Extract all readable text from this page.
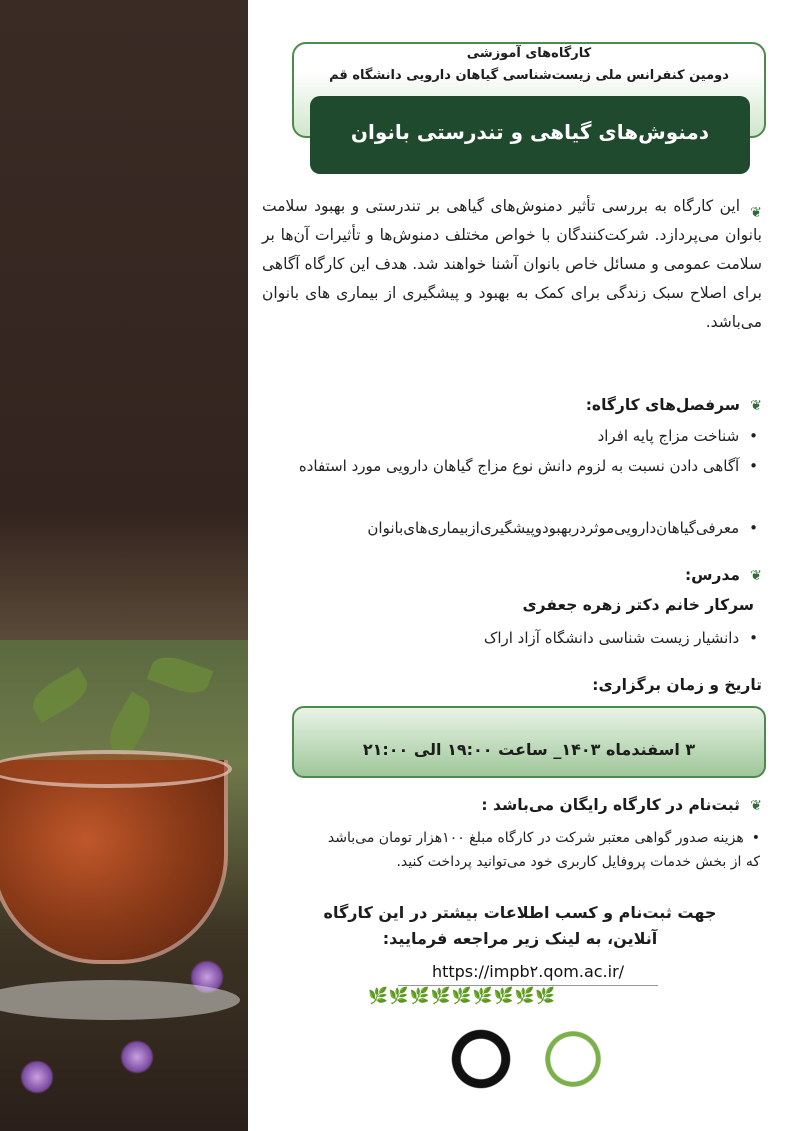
کارگاه‌های آموزشی
دومین کنفرانس ملی زیست‌شناسی گیاهان دارویی دانشگاه قم
دمنوش‌های گیاهی و تندرستی بانوان
❦این کارگاه به بررسی تأثیر دمنوش‌های گیاهی بر تندرستی و بهبود سلامت بانوان می‌پردازد. شرکت‌کنندگان با خواص مختلف دمنوش‌ها و تأثیرات آن‌ها بر سلامت عمومی و مسائل خاص بانوان آشنا خواهند شد. هدف این کارگاه آگاهی برای اصلاح سبک زندگی برای کمک به بهبود و پیشگیری از بیماری های بانوان می‌باشد.
❦سرفصل‌های کارگاه:
• شناخت مزاج پایه افراد
• آگاهی دادن نسبت به لزوم دانش نوع مزاج گیاهان دارویی مورد استفاده
• معرفی‌گیاهان‌دارویی‌موثردربهبودوپیشگیری‌ازبیماری‌های‌بانوان
❦مدرس:
سرکار خانم دکتر زهره جعفری
• دانشیار زیست شناسی دانشگاه آزاد اراک
تاریخ و زمان برگزاری:
۳ اسفندماه ۱۴۰۳_ ساعت ۱۹:۰۰ الی ۲۱:۰۰
❦ثبت‌نام در کارگاه رایگان می‌باشد :
•هزینه صدور گواهی معتبر شرکت در کارگاه مبلغ ۱۰۰هزار تومان می‌باشد
که از بخش خدمات پروفایل کاربری خود می‌توانید پرداخت کنید.
جهت ثبت‌نام و کسب اطلاعات بیشتر در این کارگاه آنلاین، به لینک زیر مراجعه فرمایید:
https://impb۲.qom.ac.ir/
🌿🌿🌿🌿🌿🌿🌿🌿🌿
